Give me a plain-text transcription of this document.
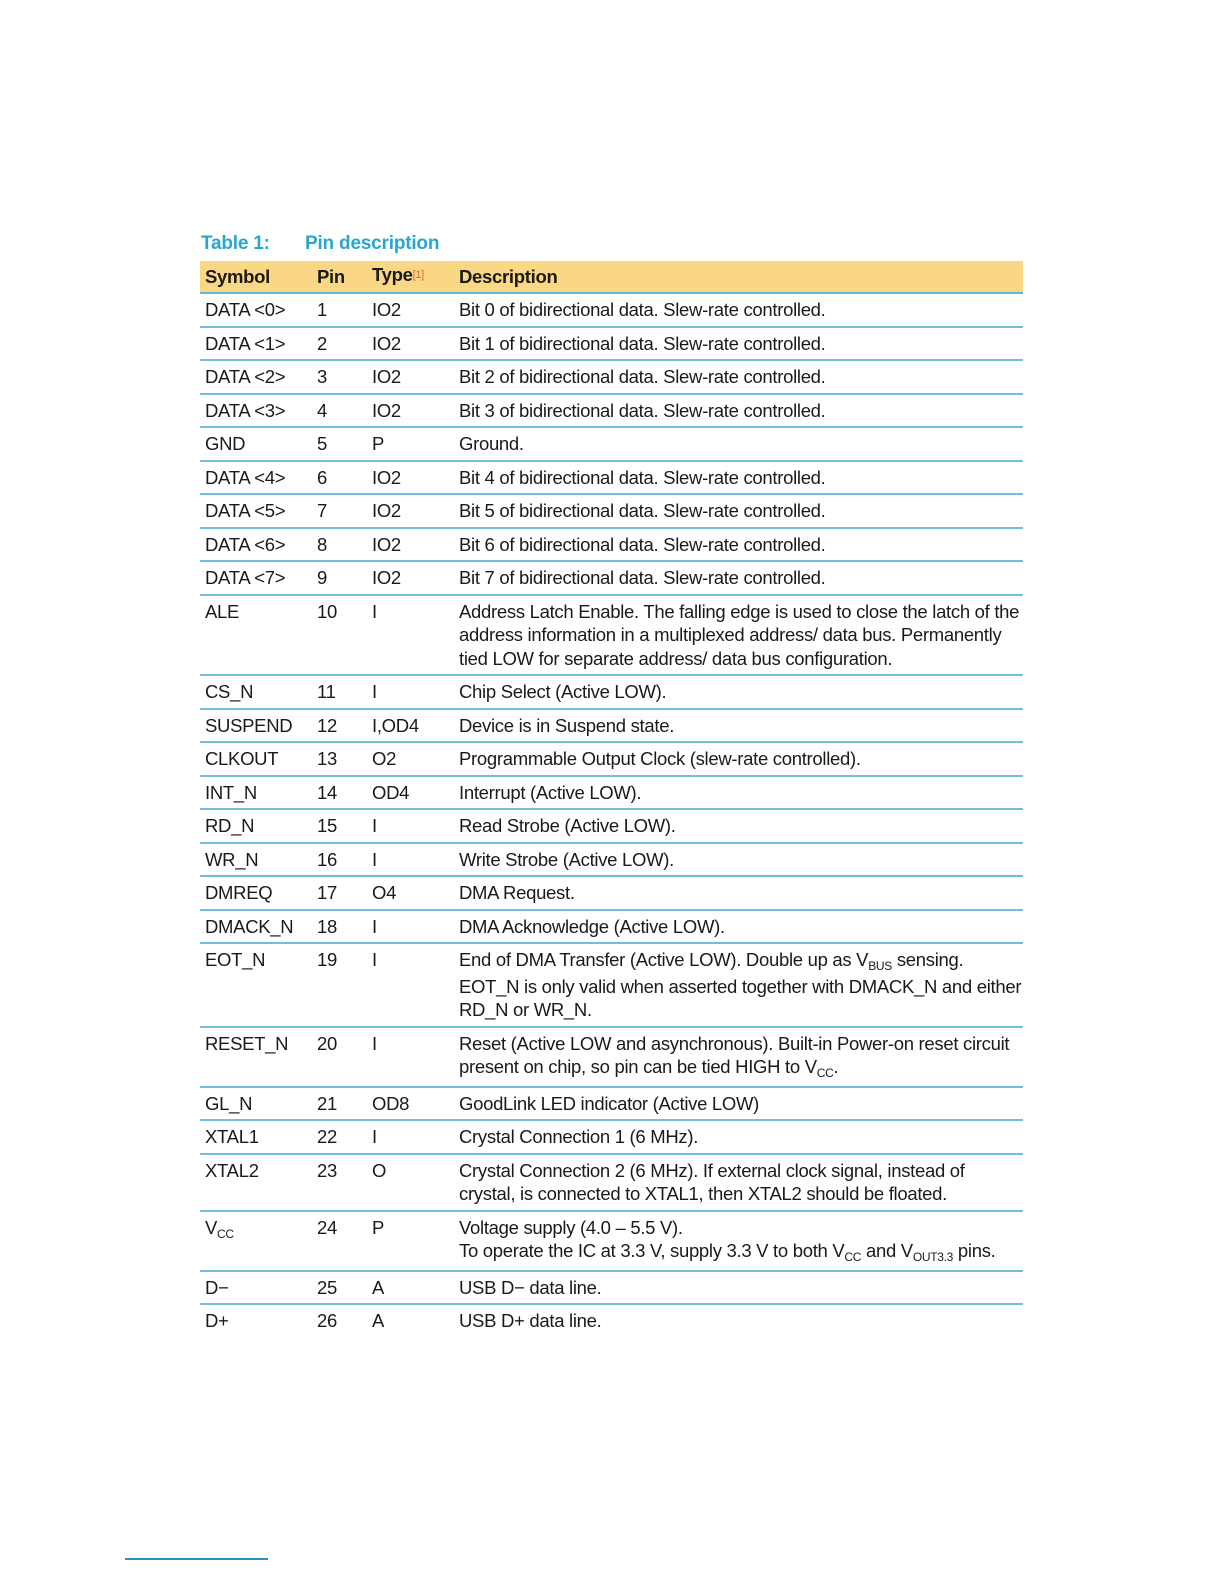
Table 1: Pin description
Symbol	Pin	Type[1]	Description
DATA <0>	1	IO2	Bit 0 of bidirectional data. Slew-rate controlled.
DATA <1>	2	IO2	Bit 1 of bidirectional data. Slew-rate controlled.
DATA <2>	3	IO2	Bit 2 of bidirectional data. Slew-rate controlled.
DATA <3>	4	IO2	Bit 3 of bidirectional data. Slew-rate controlled.
GND	5	P	Ground.
DATA <4>	6	IO2	Bit 4 of bidirectional data. Slew-rate controlled.
DATA <5>	7	IO2	Bit 5 of bidirectional data. Slew-rate controlled.
DATA <6>	8	IO2	Bit 6 of bidirectional data. Slew-rate controlled.
DATA <7>	9	IO2	Bit 7 of bidirectional data. Slew-rate controlled.
ALE	10	I	Address Latch Enable. The falling edge is used to close the latch of the address information in a multiplexed address/ data bus. Permanently tied LOW for separate address/ data bus configuration.
CS_N	11	I	Chip Select (Active LOW).
SUSPEND	12	I,OD4	Device is in Suspend state.
CLKOUT	13	O2	Programmable Output Clock (slew-rate controlled).
INT_N	14	OD4	Interrupt (Active LOW).
RD_N	15	I	Read Strobe (Active LOW).
WR_N	16	I	Write Strobe (Active LOW).
DMREQ	17	O4	DMA Request.
DMACK_N	18	I	DMA Acknowledge (Active LOW).
EOT_N	19	I	End of DMA Transfer (Active LOW). Double up as $V_{BUS}$ sensing. EOT_N is only valid when asserted together with DMACK_N and either RD_N or WR_N.
RESET_N	20	I	Reset (Active LOW and asynchronous). Built-in Power-on reset circuit present on chip, so pin can be tied HIGH to $V_{CC}$.
GL_N	21	OD8	GoodLink LED indicator (Active LOW)
XTAL1	22	I	Crystal Connection 1 (6 MHz).
XTAL2	23	O	Crystal Connection 2 (6 MHz). If external clock signal, instead of crystal, is connected to XTAL1, then XTAL2 should be floated.
$V_{CC}$	24	P	Voltage supply (4.0 – 5.5 V).
To operate the IC at 3.3 V, supply 3.3 V to both $V_{CC}$ and $V_{OUT3.3}$ pins.
D−	25	A	USB D− data line.
D+	26	A	USB D+ data line.
